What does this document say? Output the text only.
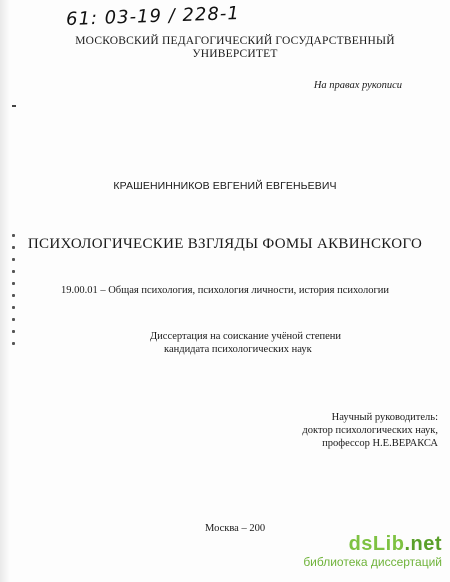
61: 03-19 / 228-1
МОСКОВСКИЙ ПЕДАГОГИЧЕСКИЙ ГОСУДАРСТВЕННЫЙ
УНИВЕРСИТЕТ
На правах рукописи
КРАШЕНИННИКОВ ЕВГЕНИЙ ЕВГЕНЬЕВИЧ
ПСИХОЛОГИЧЕСКИЕ ВЗГЛЯДЫ ФОМЫ АКВИНСКОГО
19.00.01 – Общая психология, психология личности, история психологии
Диссертация на соискание учёной степени
кандидата психологических наук
Научный руководитель:
доктор психологических наук,
профессор Н.Е.ВЕРАКСА
Москва – 200
dsLib.net
библиотека диссертаций
